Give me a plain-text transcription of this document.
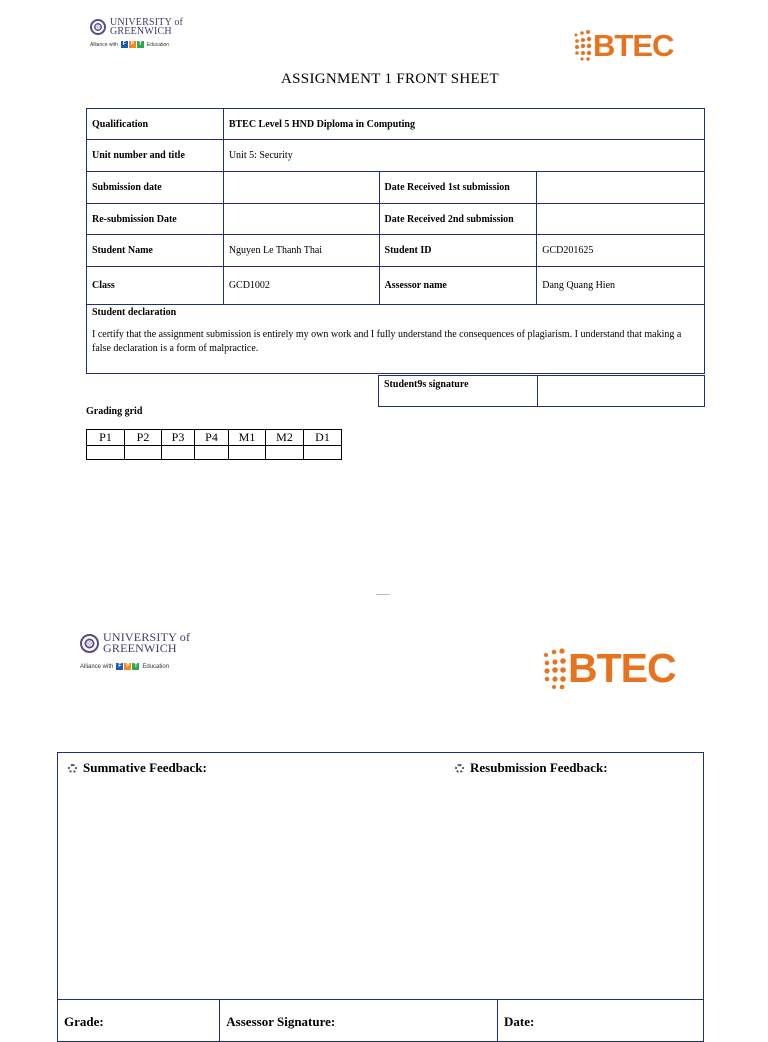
UNIVERSITY of
GREENWICH
Alliance with F P T Education	BTEC
ASSIGNMENT 1 FRONT SHEET
Qualification	BTEC Level 5 HND Diploma in Computing		
Unit number and title	Unit 5: Security		
Submission date		Date Received 1st submission	
Re-submission Date		Date Received 2nd submission	
Student Name	Nguyen Le Thanh Thai	Student ID	GCD201625
Class	GCD1002	Assessor name	Dang Quang Hien

Student declaration
I certify that the assignment submission is entirely my own work and I fully understand the consequences of plagiarism. I understand that making a false declaration is a form of malpractice.			
Student9s signature	
Grading grid
P1	P2	P3	P4	M1	M2	D1

UNIVERSITY of
GREENWICH
Alliance with F P T Education	BTEC
Summative Feedback:	Resubmission Feedback:
Grade:	Assessor Signature:	Date:
